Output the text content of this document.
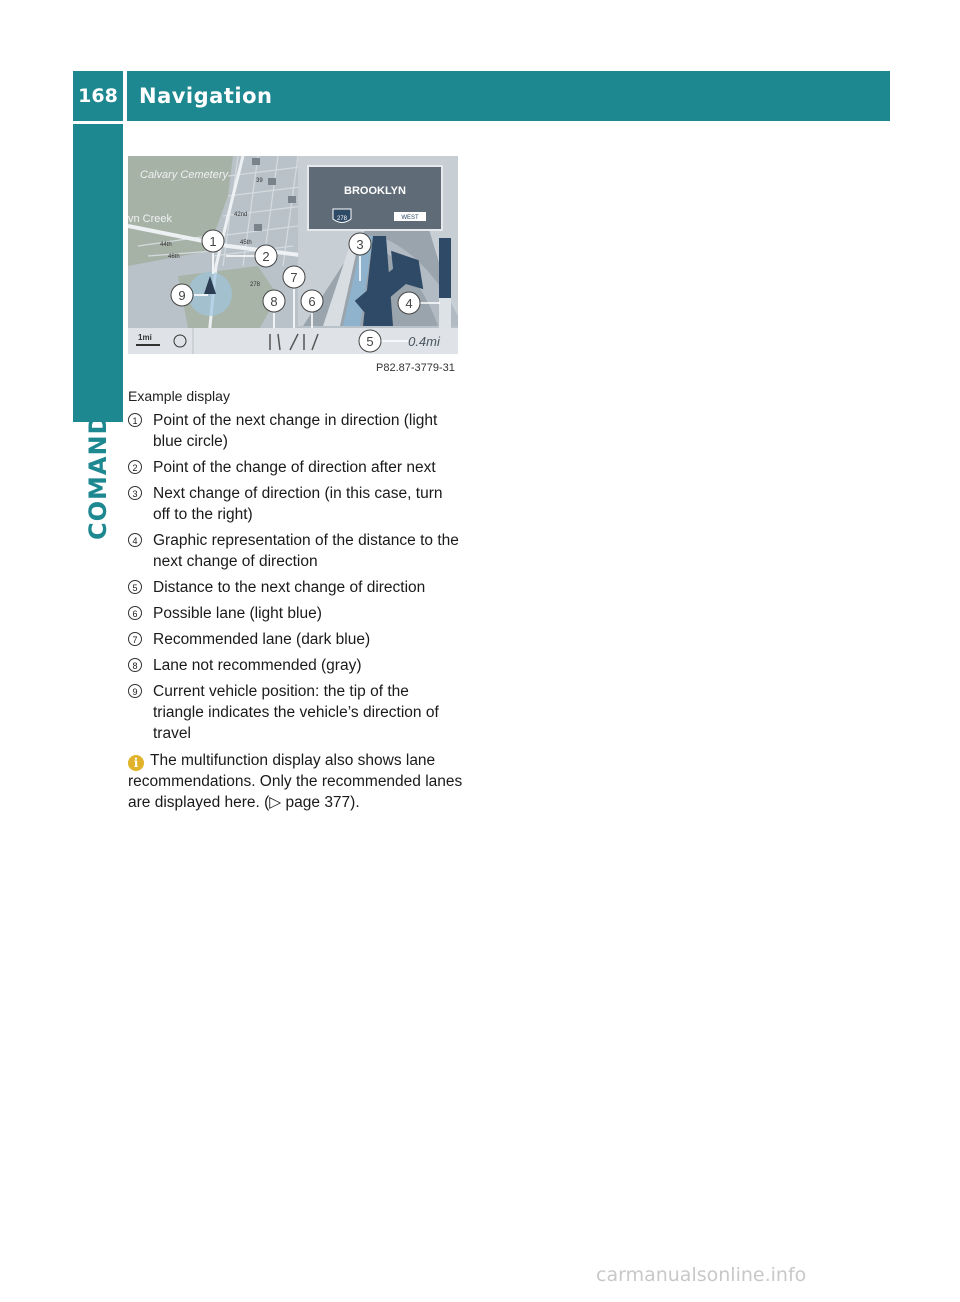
168	Navigation
COMAND
Calvary Cemetery
vn Creek
39
42nd
44th	45th
46th
278
BROOKLYN
278	WEST
1mi	0.4mi
1
2
3
4
5
6
7
8
9
P82.87-3779-31
Example display
1 Point of the next change in direction (light blue circle)
2 Point of the change of direction after next
3 Next change of direction (in this case, turn off to the right)
4 Graphic representation of the distance to the next change of direction
5 Distance to the next change of direction
6 Possible lane (light blue)
7 Recommended lane (dark blue)
8 Lane not recommended (gray)
9 Current vehicle position: the tip of the triangle indicates the vehicle’s direction of travel
i The multifunction display also shows lane recommendations. Only the recommended lanes are displayed here. (▷ page 377).
carmanualsonline.info
